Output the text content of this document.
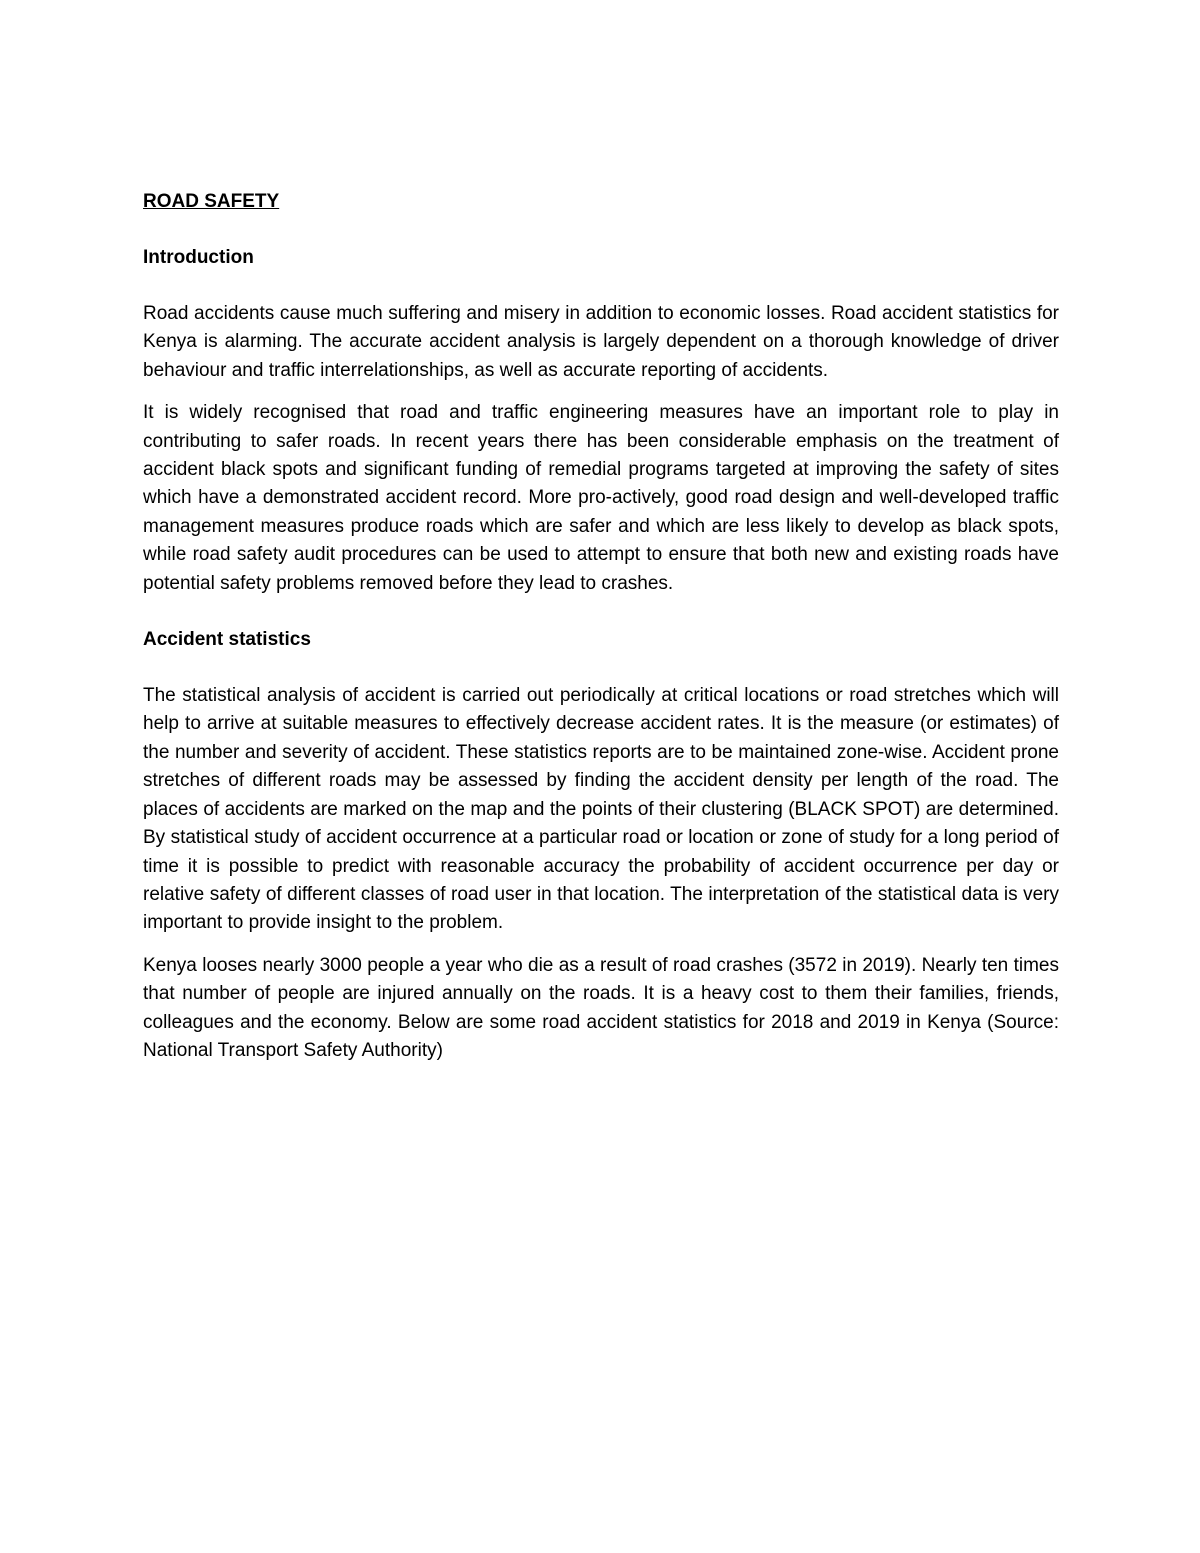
ROAD SAFETY
Introduction

Road accidents cause much suffering and misery in addition to economic losses. Road accident statistics for Kenya is alarming. The accurate accident analysis is largely dependent on a thorough knowledge of driver behaviour and traffic interrelationships, as well as accurate reporting of accidents.

It is widely recognised that road and traffic engineering measures have an important role to play in contributing to safer roads. In recent years there has been considerable emphasis on the treatment of accident black spots and significant funding of remedial programs targeted at improving the safety of sites which have a demonstrated accident record. More pro-actively, good road design and well-developed traffic management measures produce roads which are safer and which are less likely to develop as black spots, while road safety audit procedures can be used to attempt to ensure that both new and existing roads have potential safety problems removed before they lead to crashes.

Accident statistics

The statistical analysis of accident is carried out periodically at critical locations or road stretches which will help to arrive at suitable measures to effectively decrease accident rates. It is the measure (or estimates) of the number and severity of accident. These statistics reports are to be maintained zone-wise. Accident prone stretches of different roads may be assessed by finding the accident density per length of the road. The places of accidents are marked on the map and the points of their clustering (BLACK SPOT) are determined. By statistical study of accident occurrence at a particular road or location or zone of study for a long period of time it is possible to predict with reasonable accuracy the probability of accident occurrence per day or relative safety of different classes of road user in that location. The interpretation of the statistical data is very important to provide insight to the problem.

Kenya looses nearly 3000 people a year who die as a result of road crashes (3572 in 2019). Nearly ten times that number of people are injured annually on the roads. It is a heavy cost to them their families, friends, colleagues and the economy. Below are some road accident statistics for 2018 and 2019 in Kenya (Source: National Transport Safety Authority)
